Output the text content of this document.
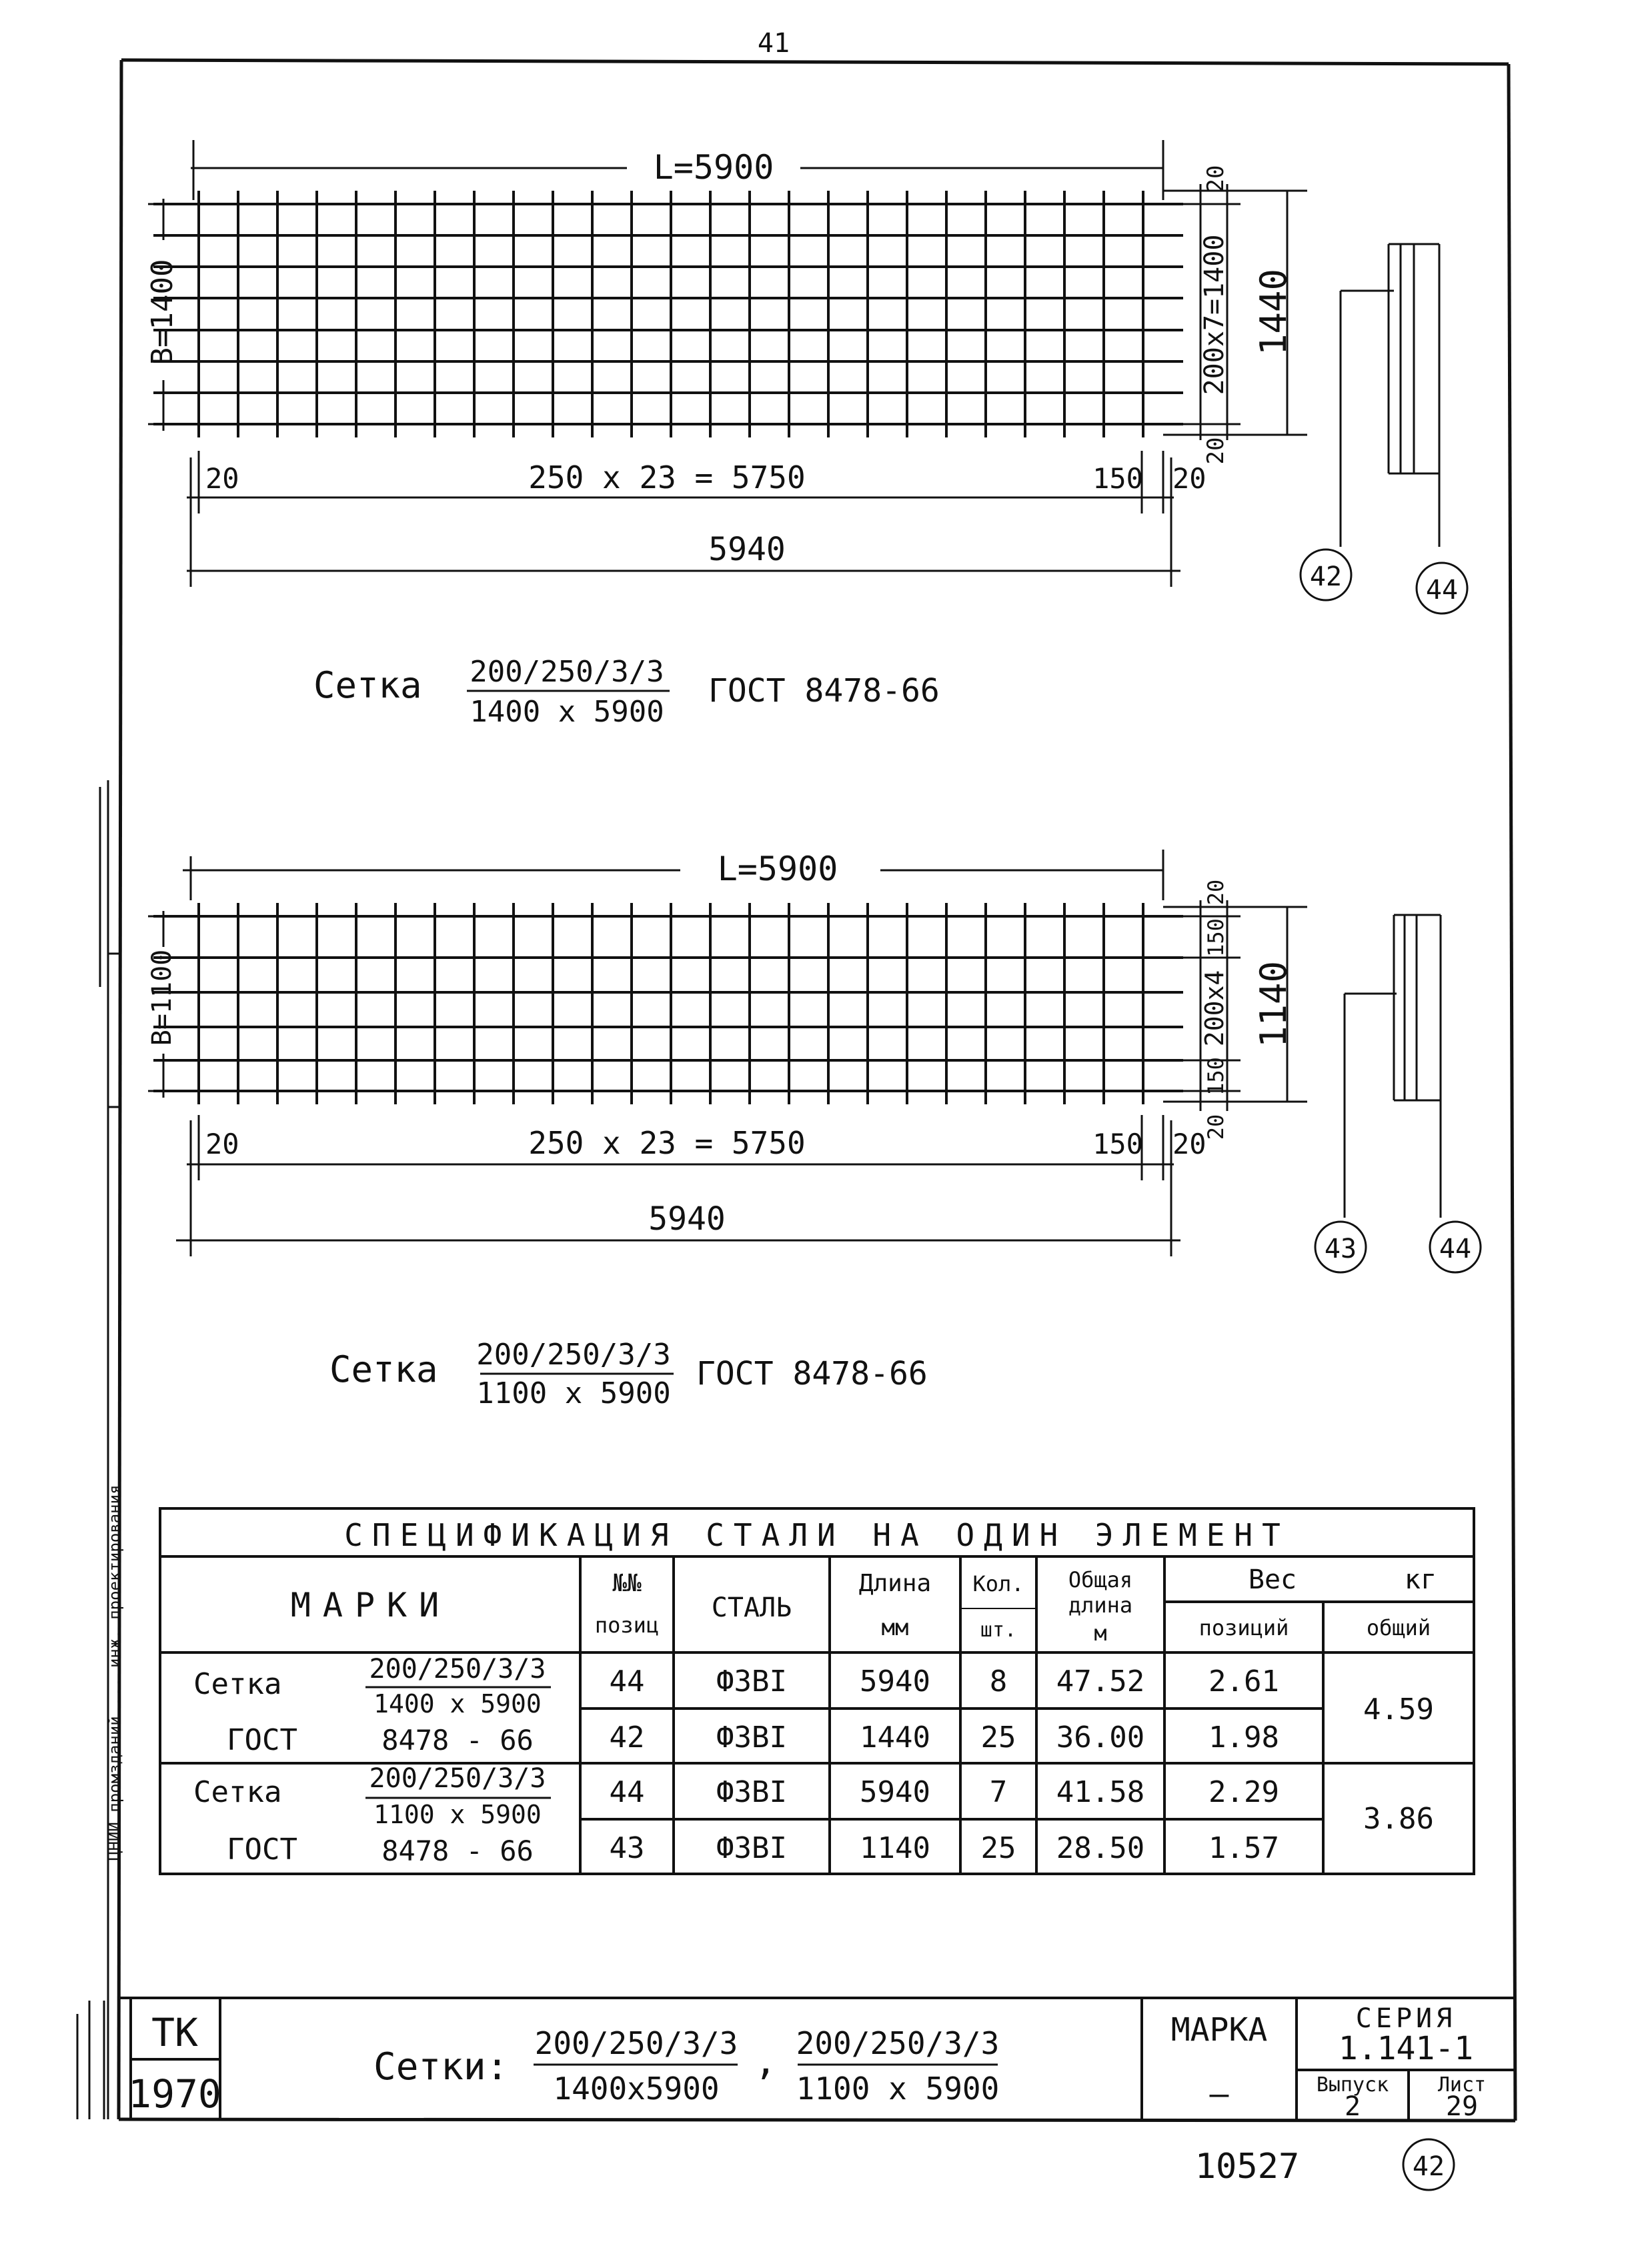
41
ЦНИИ промзданий ... инж. проектирования
L=5900
B=1400
20
200x7=1400
20
1440
20	250 x 23 = 5750	150 20
5940
42	44
Сетка 200/250/3/3
1400 x 5900
ГОСТ 8478-66
L=5900
B=1100
20
150
200x4
150
20
1140
20	250 x 23 = 5750	150 20
5940
43	44
Сетка 200/250/3/3
1100 x 5900
ГОСТ 8478-66
СПЕЦИФИКАЦИЯ СТАЛИ НА ОДИН ЭЛЕМЕНТ
МАРКИ
№№
позиц
СТАЛЬ
Длина
мм
Кол.
шт.
Общая
длина
м
Вес	кг
позиций	общий
Сетка
ГОСТ
200/250/3/3
1400 x 5900
8478 - 66
44 Ф3ВI 5940 8 47.52 2.61
42 Ф3ВI 1440 25 36.00 1.98
4.59
Сетка
ГОСТ
200/250/3/3
1100 x 5900
8478 - 66
44 Ф3ВI 5940 7 41.58 2.29
43 Ф3ВI 1140 25 28.50 1.57
3.86
ТК
1970
Сетки:
200/250/3/3
1400x5900
, 200/250/3/3
1100 x 5900
МАРКА
—
СЕРИЯ
1.141-1
Выпуск
2
Лист
29
10527	42
